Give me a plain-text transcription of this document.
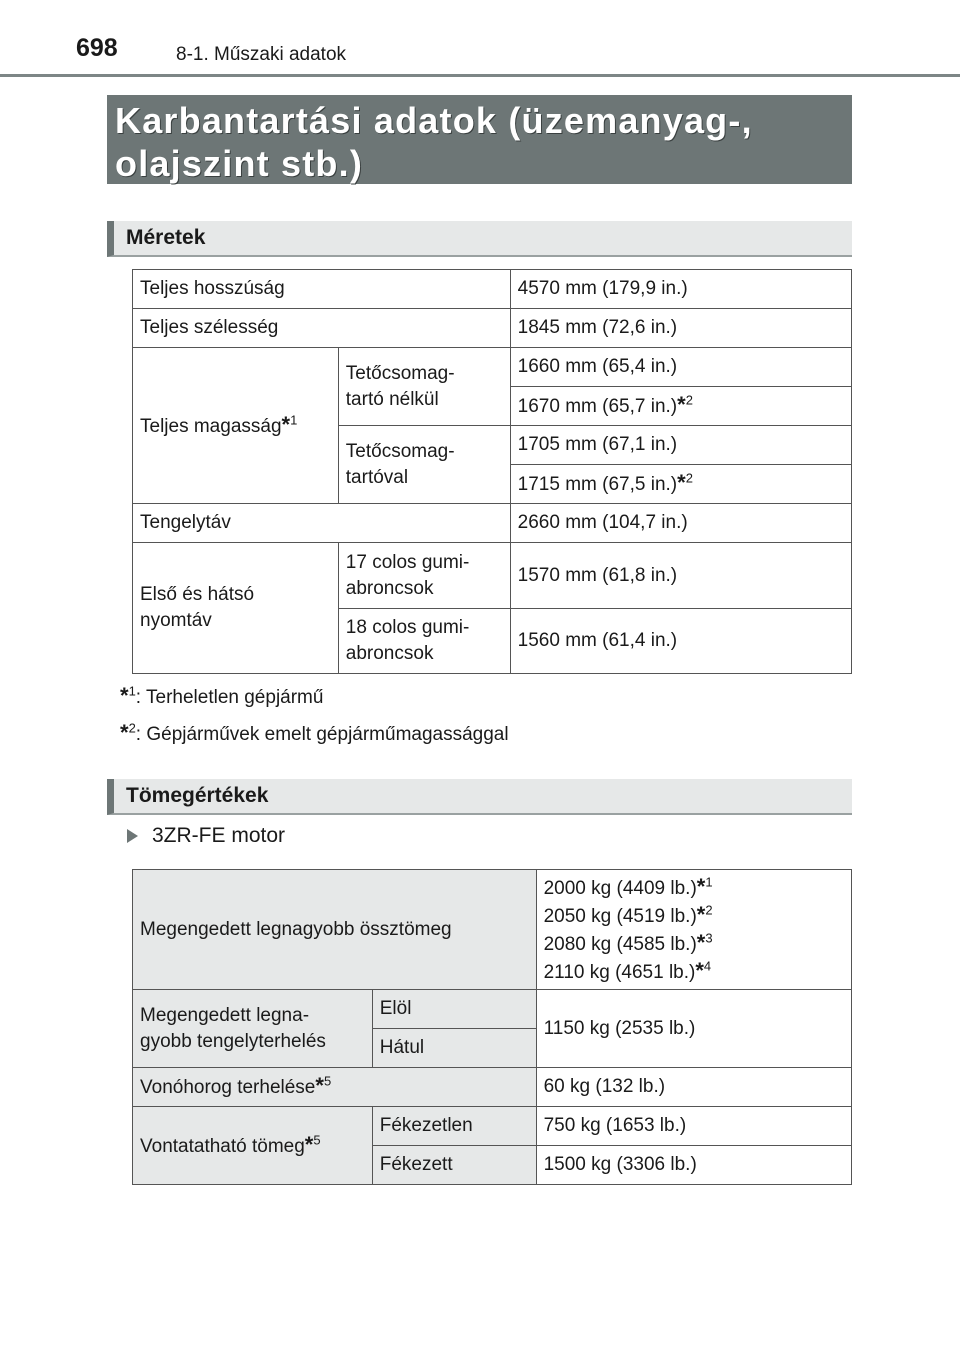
698	8-1. Műszaki adatok
Karbantartási adatok (üzemanyag-,
olajszint stb.)
Méretek
Teljes hosszúság		4570 mm (179,9 in.)
Teljes szélesség		1845 mm (72,6 in.)
Teljes magasság*$^1$	Tetőcsomag-
tartó nélkül	1660 mm (65,4 in.)
		1670 mm (65,7 in.)*$^2$
	Tetőcsomag-
tartóval	1705 mm (67,1 in.)
		1715 mm (67,5 in.)*$^2$
Tengelytáv		2660 mm (104,7 in.)
Első és hátsó
nyomtáv	17 colos gumi-
abroncsok	1570 mm (61,8 in.)
	18 colos gumi-
abroncsok	1560 mm (61,4 in.)
*$^1$: Terheletlen gépjármű
*$^2$: Gépjárművek emelt gépjárműmagassággal
Tömegértékek
3ZR-FE motor
Megengedett legnagyobb össztömeg		2000 kg (4409 lb.)*$^1$
2050 kg (4519 lb.)*$^2$
2080 kg (4585 lb.)*$^3$
2110 kg (4651 lb.)*$^4$

Megengedett legna-
gyobb tengelyterhelés	Elöl	1150 kg (2535 lb.)
	Hátul	
Vonóhorog terhelése*$^5$		60 kg (132 lb.)
Vontatatható tömeg*$^5$	Fékezetlen	750 kg (1653 lb.)
	Fékezett	1500 kg (3306 lb.)
